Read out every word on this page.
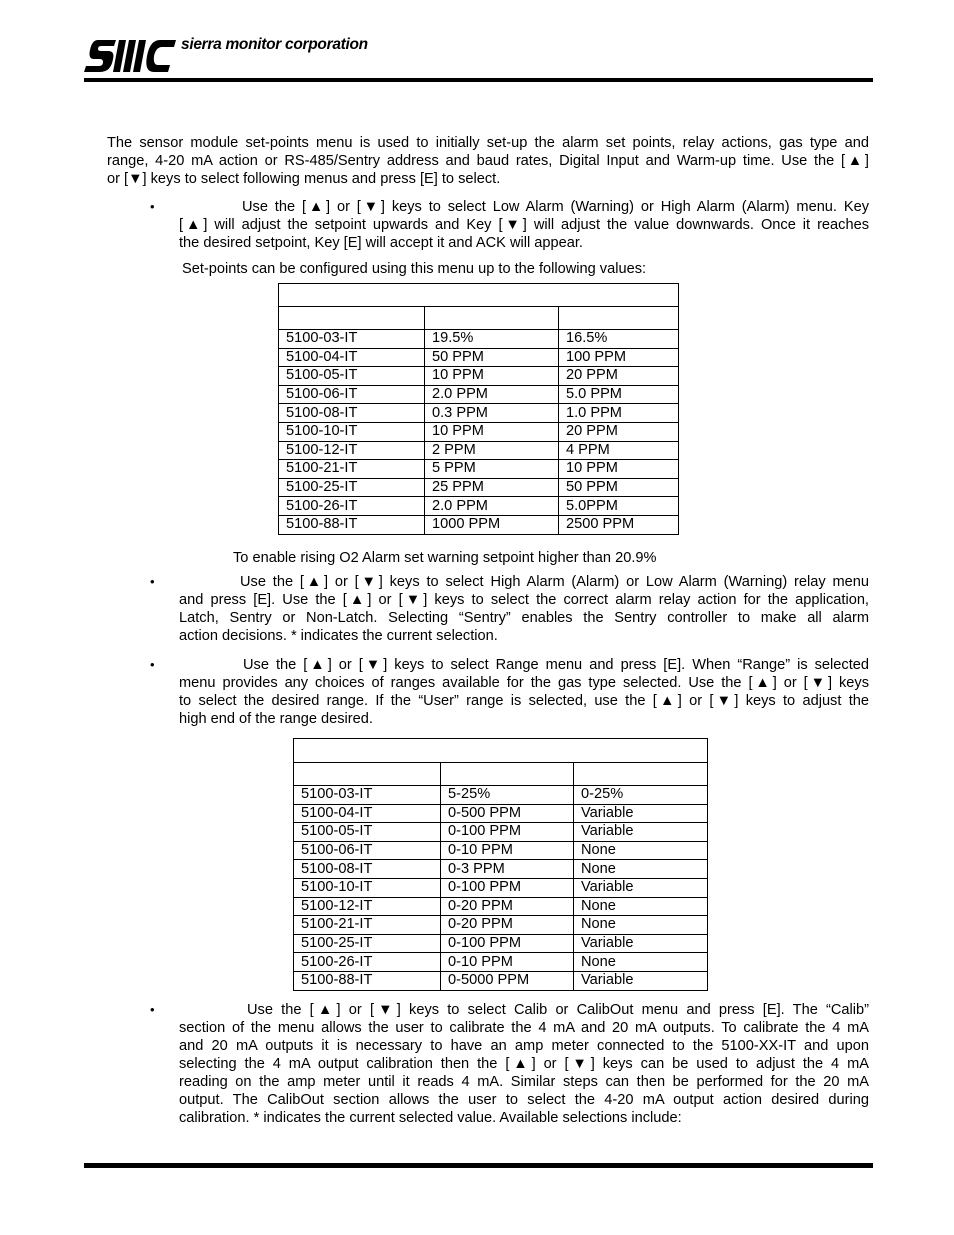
sierra monitor corporation
The sensor module set-points menu is used to initially set-up the alarm set points, relay actions, gas type and
range, 4-20 mA action or RS-485/Sentry address and baud rates, Digital Input and Warm-up time. Use the [▲]
or [▼] keys to select following menus and press [E] to select.
•	Use the [▲] or [▼] keys to select Low Alarm (Warning) or High Alarm (Alarm) menu. Key
[▲] will adjust the setpoint upwards and Key [▼] will adjust the value downwards. Once it reaches
the desired setpoint, Key [E] will accept it and ACK will appear.
Set-points can be configured using this menu up to the following values:

5100-03-IT	19.5%	16.5%
5100-04-IT	50 PPM	100 PPM
5100-05-IT	10 PPM	20 PPM
5100-06-IT	2.0 PPM	5.0 PPM
5100-08-IT	0.3 PPM	1.0 PPM
5100-10-IT	10 PPM	20 PPM
5100-12-IT	2 PPM	4 PPM
5100-21-IT	5 PPM	10 PPM
5100-25-IT	25 PPM	50 PPM
5100-26-IT	2.0 PPM	5.0PPM
5100-88-IT	1000 PPM	2500 PPM
To enable rising O2 Alarm set warning setpoint higher than 20.9%
•	Use the [▲] or [▼] keys to select High Alarm (Alarm) or Low Alarm (Warning) relay menu
and press [E]. Use the [▲] or [▼] keys to select the correct alarm relay action for the application,
Latch, Sentry or Non-Latch. Selecting “Sentry” enables the Sentry controller to make all alarm
action decisions. * indicates the current selection.
•	Use the [▲] or [▼] keys to select Range menu and press [E]. When “Range” is selected
menu provides any choices of ranges available for the gas type selected. Use the [▲] or [▼] keys
to select the desired range. If the “User” range is selected, use the [▲] or [▼] keys to adjust the
high end of the range desired.

5100-03-IT	5-25%	0-25%
5100-04-IT	0-500 PPM	Variable
5100-05-IT	0-100 PPM	Variable
5100-06-IT	0-10 PPM	None
5100-08-IT	0-3 PPM	None
5100-10-IT	0-100 PPM	Variable
5100-12-IT	0-20 PPM	None
5100-21-IT	0-20 PPM	None
5100-25-IT	0-100 PPM	Variable
5100-26-IT	0-10 PPM	None
5100-88-IT	0-5000 PPM	Variable
•	Use the [▲] or [▼] keys to select Calib or CalibOut menu and press [E]. The “Calib”
section of the menu allows the user to calibrate the 4 mA and 20 mA outputs. To calibrate the 4 mA
and 20 mA outputs it is necessary to have an amp meter connected to the 5100-XX-IT and upon
selecting the 4 mA output calibration then the [▲] or [▼] keys can be used to adjust the 4 mA
reading on the amp meter until it reads 4 mA. Similar steps can then be performed for the 20 mA
output. The CalibOut section allows the user to select the 4-20 mA output action desired during
calibration. * indicates the current selected value. Available selections include:
